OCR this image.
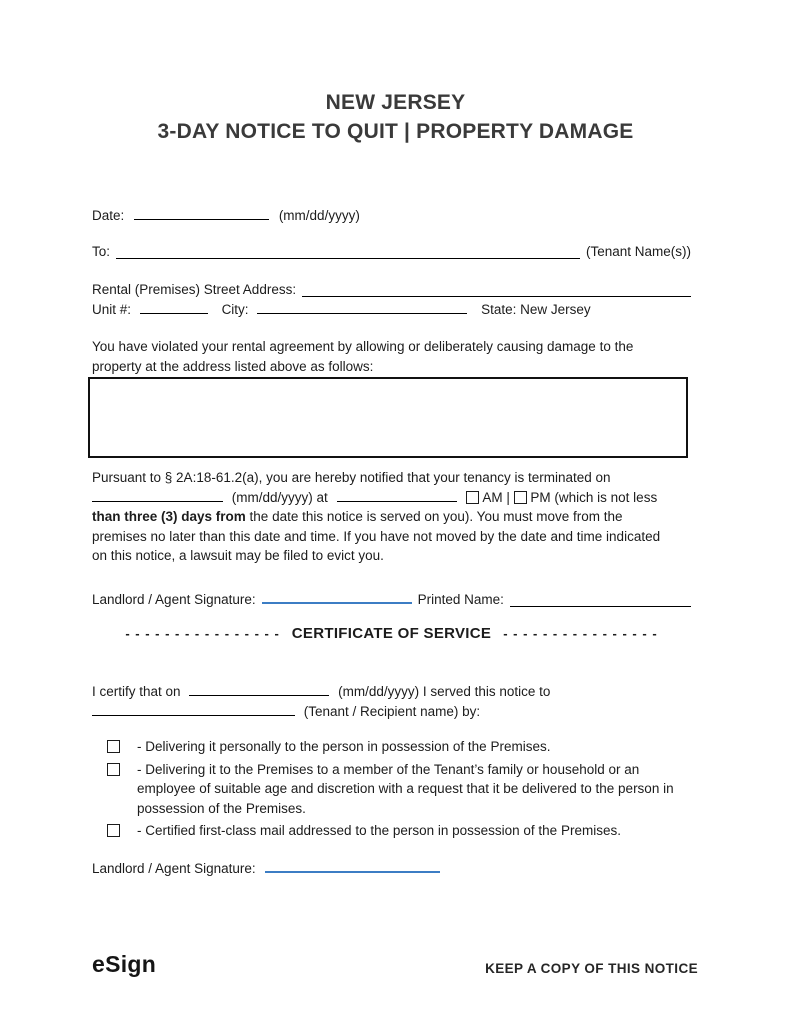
NEW JERSEY
3-DAY NOTICE TO QUIT | PROPERTY DAMAGE
Date:	(mm/dd/yyyy)
To:	(Tenant Name(s))
Rental (Premises) Street Address:
Unit #:	City:	State: New Jersey
You have violated your rental agreement by allowing or deliberately causing damage to the
property at the address listed above as follows:
Pursuant to § 2A:18-61.2(a), you are hereby notified that your tenancy is terminated on
(mm/dd/yyyy) at	AM | PM (which is not less
than three (3) days from the date this notice is served on you). You must move from the
premises no later than this date and time. If you have not moved by the date and time indicated
on this notice, a lawsuit may be filed to evict you.
Landlord / Agent Signature:	Printed Name:
- - - - - - - - - - - - - - - - CERTIFICATE OF SERVICE - - - - - - - - - - - - - - - -
I certify that on	(mm/dd/yyyy) I served this notice to
(Tenant / Recipient name) by:
- Delivering it personally to the person in possession of the Premises.
- Delivering it to the Premises to a member of the Tenant’s family or household or an employee of suitable age and discretion with a request that it be delivered to the person in possession of the Premises.
- Certified first-class mail addressed to the person in possession of the Premises.
Landlord / Agent Signature:
eSign	KEEP A COPY OF THIS NOTICE
